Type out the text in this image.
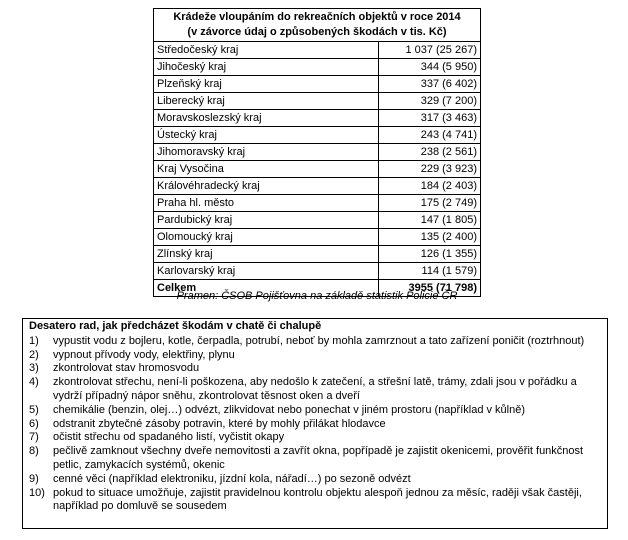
Krádeže vloupáním do rekreačních objektů v roce 2014
(v závorce údaj o způsobených škodách v tis. Kč)	

Středočeský kraj	1 037 (25 267)
Jihočeský kraj	344 (5 950)
Plzeňský kraj	337 (6 402)
Liberecký kraj	329 (7 200)
Moravskoslezský kraj	317 (3 463)
Ústecký kraj	243 (4 741)
Jihomoravský kraj	238 (2 561)
Kraj Vysočina	229 (3 923)
Královéhradecký kraj	184 (2 403)
Praha hl. město	175 (2 749)
Pardubický kraj	147 (1 805)
Olomoucký kraj	135 (2 400)
Zlínský kraj	126 (1 355)
Karlovarský kraj	114 (1 579)
Celkem	3955 (71 798)
Pramen: ČSOB Pojišťovna na základě statistik Policie ČR
Desatero rad, jak předcházet škodám v chatě či chalupě
1)	vypustit vodu z bojleru, kotle, čerpadla, potrubí, neboť by mohla zamrznout a tato zařízení poničit (roztrhnout)
2)	vypnout přívody vody, elektřiny, plynu
3)	zkontrolovat stav hromosvodu
4)	zkontrolovat střechu, není-li poškozena, aby nedošlo k zatečení, a střešní latě, trámy, zdali jsou v pořádku a vydrží případný nápor sněhu, zkontrolovat těsnost oken a dveří
5)	chemikálie (benzin, olej…) odvézt, zlikvidovat nebo ponechat v jiném prostoru (například v kůlně)
6)	odstranit zbytečné zásoby potravin, které by mohly přilákat hlodavce
7)	očistit střechu od spadaného listí, vyčistit okapy
8)	pečlivě zamknout všechny dveře nemovitosti a zavřít okna, popřípadě je zajistit okenicemi, prověřit funkčnost petlic, zamykacích systémů, okenic
9)	cenné věci (například elektroniku, jízdní kola, nářadí…) po sezoně odvézt
10) pokud to situace umožňuje, zajistit pravidelnou kontrolu objektu alespoň jednou za měsíc, raději však častěji, například po domluvě se sousedem
